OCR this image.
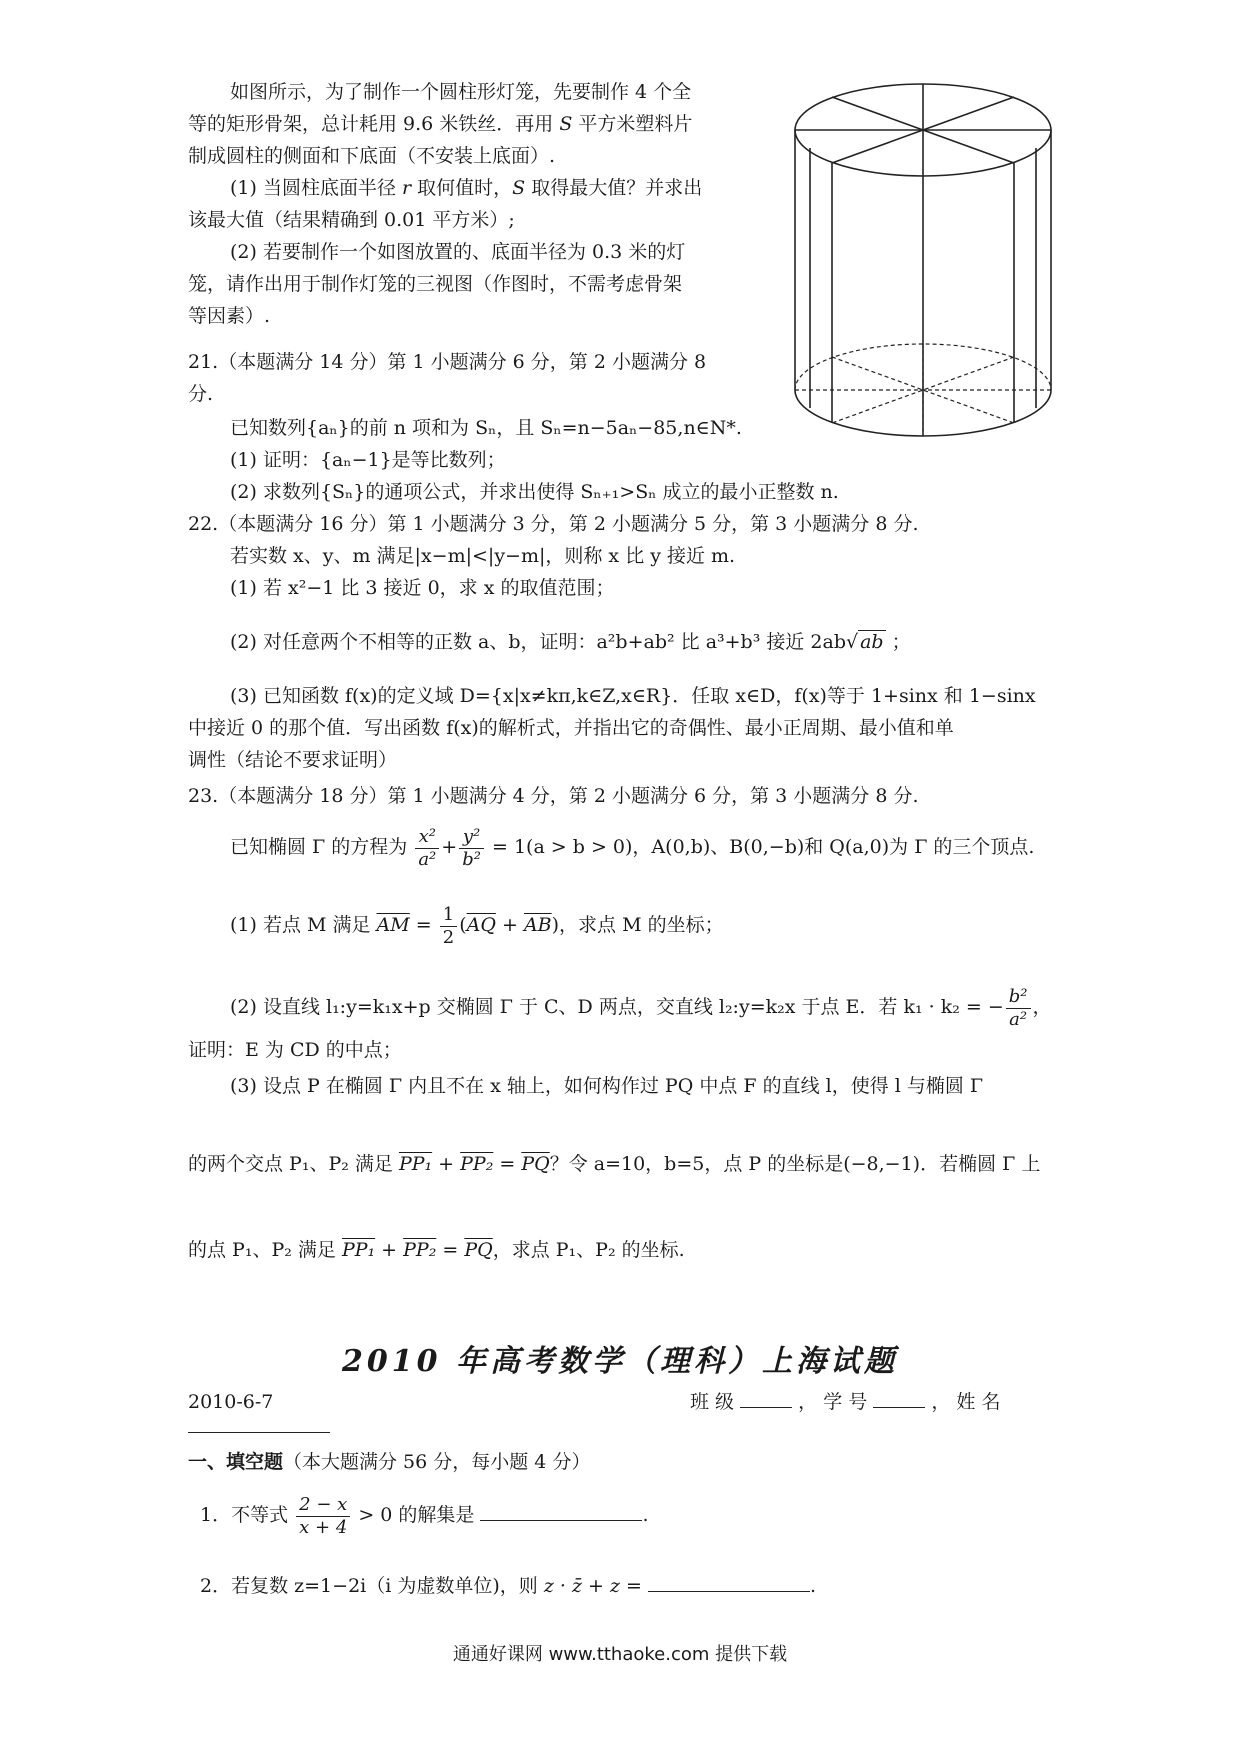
如图所示，为了制作一个圆柱形灯笼，先要制作 4 个全
等的矩形骨架，总计耗用 9.6 米铁丝．再用 S 平方米塑料片
制成圆柱的侧面和下底面（不安装上底面）.
(1) 当圆柱底面半径 r 取何值时，S 取得最大值？并求出
该最大值（结果精确到 0.01 平方米）;
(2) 若要制作一个如图放置的、底面半径为 0.3 米的灯
笼，请作出用于制作灯笼的三视图（作图时，不需考虑骨架
等因素）.
21.（本题满分 14 分）第 1 小题满分 6 分，第 2 小题满分 8
分.
已知数列{aₙ}的前 n 项和为 Sₙ，且 Sₙ=n−5aₙ−85,n∈N*.
(1) 证明：{aₙ−1}是等比数列；
(2) 求数列{Sₙ}的通项公式，并求出使得 Sₙ₊₁>Sₙ 成立的最小正整数 n.
22.（本题满分 16 分）第 1 小题满分 3 分，第 2 小题满分 5 分，第 3 小题满分 8 分.
若实数 x、y、m 满足|x−m|<|y−m|，则称 x 比 y 接近 m.
(1) 若 x²−1 比 3 接近 0，求 x 的取值范围；
(2) 对任意两个不相等的正数 a、b，证明：a²b+ab² 比 a³+b³ 接近 2ab√ ab ；
(3) 已知函数 f(x)的定义域 D={x|x≠kπ,k∈Z,x∈R}．任取 x∈D，f(x)等于 1+sinx 和 1−sinx
中接近 0 的那个值．写出函数 f(x)的解析式，并指出它的奇偶性、最小正周期、最小值和单
调性（结论不要求证明）
23.（本题满分 18 分）第 1 小题满分 4 分，第 2 小题满分 6 分，第 3 小题满分 8 分.
已知椭圆 Γ 的方程为 $\frac{\text{x²}}{\text{a²}} + \frac{\text{y²}}{\text{b²}} = 1(a > b > 0)$，A(0,b)、B(0,−b)和 Q(a,0)为 Γ 的三个顶点.
(1) 若点 M 满足 $\overline{AM} = \frac{1}{2} (\overline{AQ} + \overline{AB})$，求点 M 的坐标；
(2) 设直线 l₁:y=k₁x+p 交椭圆 Γ 于 C、D 两点，交直线 l₂:y=k₂x 于点 E．若 k₁ · k₂ = − $\frac{\text{b²}}{\text{a²}}$ ，
证明：E 为 CD 的中点；
(3) 设点 P 在椭圆 Γ 内且不在 x 轴上，如何构作过 PQ 中点 F 的直线 l，使得 l 与椭圆 Γ
的两个交点 P₁、P₂ 满足 $PP_1 + PP_2 = \overline{PQ}$？令 a=10，b=5，点 P 的坐标是(−8,−1)．若椭圆 Γ 上
的点 P₁、P₂ 满足 $PP_1 + PP_2 = \overline{PQ}$，求点 P₁、P₂ 的坐标.
2010 年高考数学（理科）上海试题
2010-6-7	班 级	， 学 号	， 姓 名
一、填空题（本大题满分 56 分，每小题 4 分）
1．不等式 $\frac{2 - x}{x + 4} > 0$ 的解集是	.
2．若复数 z=1−2i（i 为虚数单位)，则 z · z̄ + z =	.
通通好课网 www.tthaoke.com 提供下载
